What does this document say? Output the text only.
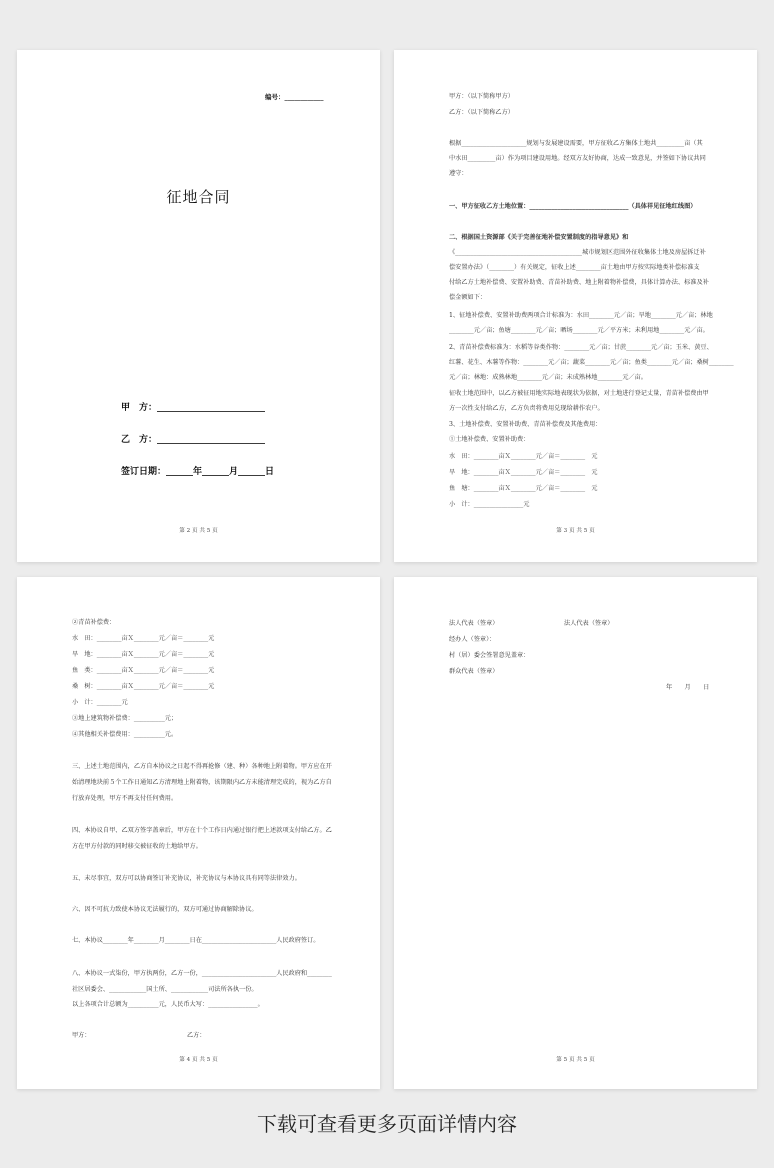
编号：____________
征地合同
甲　方：________________________
乙　方：________________________
签订日期：______年______月______日
第 2 页 共 5 页
甲方：（以下简称甲方）
乙方：（以下简称乙方）
根据_____________________规划与发展建设需要，甲方征收乙方集体土地共_________亩（其
中水田_________亩）作为项目建设用地。经双方友好协商，达成一致意见，并签如下协议共同
遵守：
一、甲方征收乙方土地位置：________________________________（具体祥见征地红线图）
二、根据国土资源部《关于完善征地补偿安置制度的指导意见》和
《_________________________________________城市规划区范围外征收集体土地及房屋拆迁补
偿安置办法》（________）有关规定，征收上述________亩土地由甲方按实际地类补偿标准支
付给乙方土地补偿费、安置补助费、青苗补助费、地上附着物补偿费，具体计算办法、标准及补
偿金额如下：
1、征地补偿费、安置补助费两项合计标准为：水田________元／亩；旱地________元／亩；林地
________元／亩；鱼塘________元／亩；晒场________元／平方米；未利用地________元／亩。
2、青苗补偿费标准为：水稻等谷类作物：________元／亩；甘蔗________元／亩；玉米、黄豆、
红薯、花生、木薯等作物：________元／亩；蔬菜________元／亩；鱼类________元／亩；桑树________
元／亩；林地：成熟林地________元／亩；未成熟林地________元／亩。
征收土地范围中，以乙方被征用地实际地表现状为依据，对土地进行登记丈量，青苗补偿费由甲
方一次性支付给乙方，乙方负责将费用兑现给耕作农户。
3、土地补偿费、安置补助费、青苗补偿费及其他费用：
①土地补偿费、安置补助费：
水　田：________亩Ｘ________元／亩＝________　元
旱　地：________亩Ｘ________元／亩＝________　元
鱼　塘：________亩Ｘ________元／亩＝________　元
小　计：________________元
第 3 页 共 5 页
②青苗补偿费：
水　田：________亩Ｘ________元／亩＝________元
旱　地：________亩Ｘ________元／亩＝________元
鱼　类：________亩Ｘ________元／亩＝________元
桑　树：________亩Ｘ________元／亩＝________元
小　计：________元
③地上建筑物补偿费：__________元；
④其他相关补偿费用：__________元。
三、上述土地范围内，乙方自本协议之日起不得再抢修（建、种）各种地上附着物。甲方应在开
始清理地块前５个工作日通知乙方清理地上附着物，该期限内乙方未能清理完成的，视为乙方自
行放弃处理，甲方不再支付任何费用。
四、本协议自甲、乙双方签字盖章后，甲方在十个工作日内通过银行把上述款项支付给乙方。乙
方在甲方付款的同时移交被征收的土地给甲方。
五、未尽事宜，双方可以协商签订补充协议，补充协议与本协议具有同等法律效力。
六、因不可抗力致使本协议无法履行的，双方可通过协商解除协议。
七、本协议________年________月________日在________________________人民政府签订。
八、本协议一式柒份，甲方执两份，乙方一份，________________________人民政府和________
社区居委会、____________国土所、____________司法所各执一份。
以上各项合计总额为__________元，人民币大写：________________。
甲方：	乙方：
第 4 页 共 5 页
法人代表（签章）	法人代表（签章）
经办人（签章）：
村（居）委会签署意见盖章：
群众代表（签章）
年　　月　　日
第 5 页 共 5 页
下载可查看更多页面详情内容
